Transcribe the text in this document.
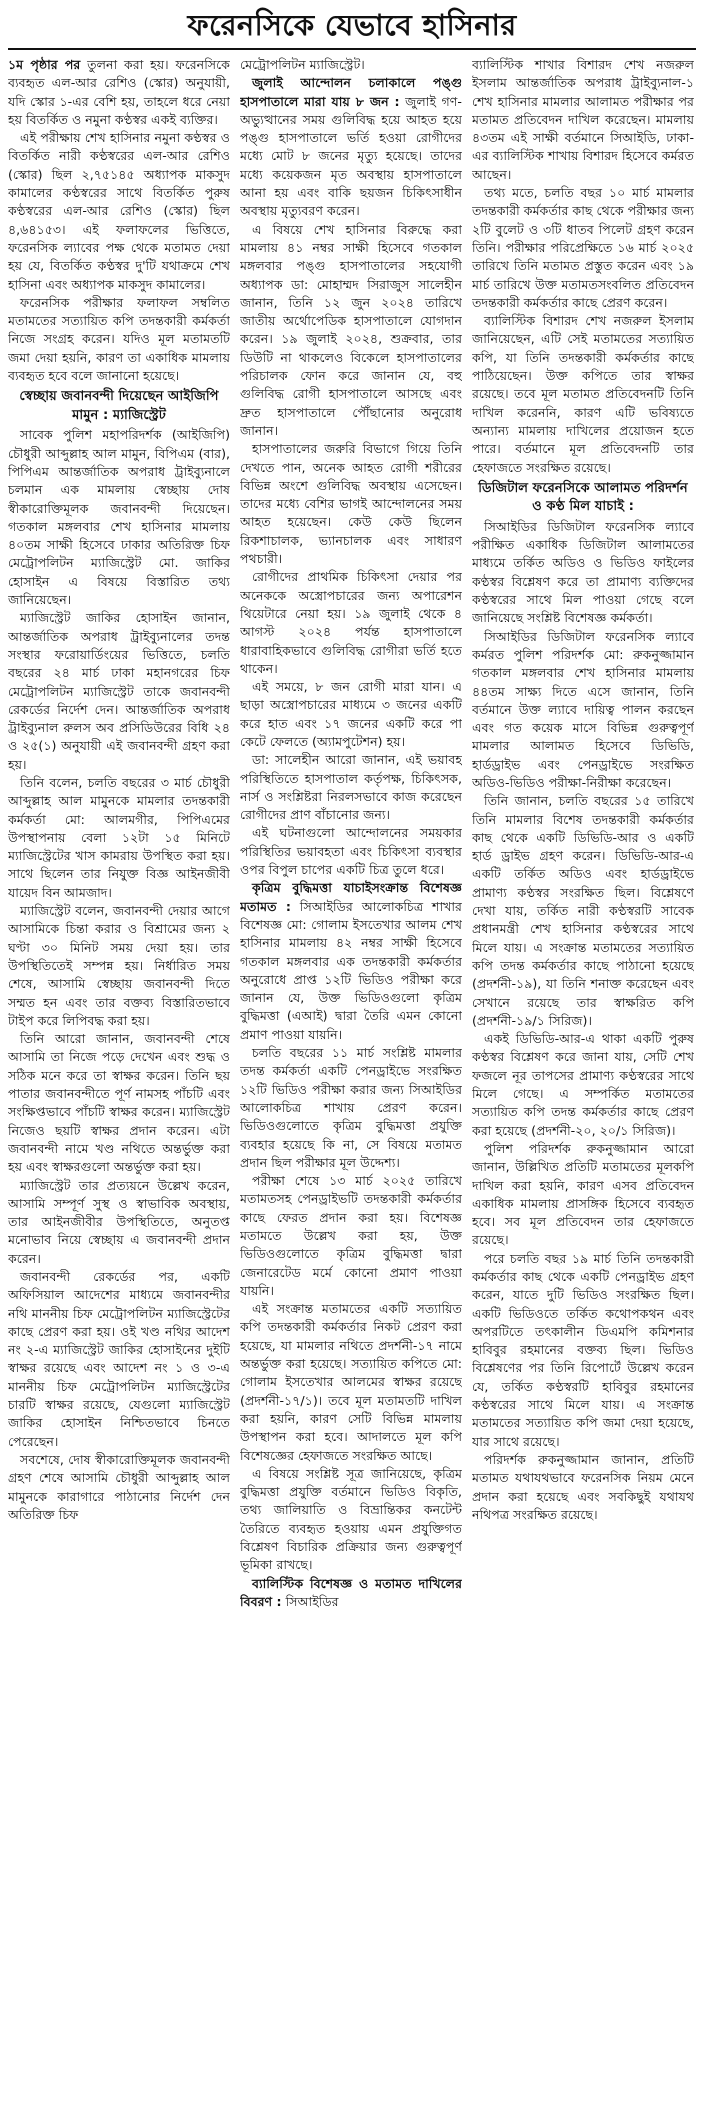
ফরেনসিকে যেভাবে হাসিনার

১ম পৃষ্ঠার পর তুলনা করা হয়। ফরেনসিকে ব্যবহৃত এল-আর রেশিও (স্কোর) অনুযায়ী, যদি স্কোর ১-এর বেশি হয়, তাহলে ধরে নেয়া হয় বিতর্কিত ও নমুনা কণ্ঠস্বর একই ব্যক্তির।

এই পরীক্ষায় শেখ হাসিনার নমুনা কণ্ঠস্বর ও বিতর্কিত নারী কণ্ঠস্বরের এল-আর রেশিও (স্কোর) ছিল ২,৭৫১৪৫ অধ্যাপক মাকসুদ কামালের কণ্ঠস্বরের সাথে বিতর্কিত পুরুষ কণ্ঠস্বরের এল-আর রেশিও (স্কোর) ছিল ৪,৬৪১৫৩। এই ফলাফলের ভিত্তিতে, ফরেনসিক ল্যাবের পক্ষ থেকে মতামত দেয়া হয় যে, বিতর্কিত কণ্ঠস্বর দু'টি যথাক্রমে শেখ হাসিনা এবং অধ্যাপক মাকসুদ কামালের।

ফরেনসিক পরীক্ষার ফলাফল সম্বলিত মতামতের সত্যায়িত কপি তদন্তকারী কর্মকর্তা নিজে সংগ্রহ করেন। যদিও মূল মতামতটি জমা দেয়া হয়নি, কারণ তা একাধিক মামলায় ব্যবহৃত হবে বলে জানানো হয়েছে।

স্বেচ্ছায় জবানবন্দী দিয়েছেন আইজিপি মামুন : ম্যাজিস্ট্রেট

সাবেক পুলিশ মহাপরিদর্শক (আইজিপি) চৌধুরী আব্দুল্লাহ আল মামুন, বিপিএম (বার), পিপিএম আন্তর্জাতিক অপরাধ ট্রাইব্যুনালে চলমান এক মামলায় স্বেচ্ছায় দোষ স্বীকারোক্তিমূলক জবানবন্দী দিয়েছেন। গতকাল মঙ্গলবার শেখ হাসিনার মামলায় ৪০তম সাক্ষী হিসেবে ঢাকার অতিরিক্ত চিফ মেট্রোপলিটন ম্যাজিস্ট্রেট মো. জাকির হোসাইন এ বিষয়ে বিস্তারিত তথ্য জানিয়েছেন।

ম্যাজিস্ট্রেট জাকির হোসাইন জানান, আন্তর্জাতিক অপরাধ ট্রাইব্যুনালের তদন্ত সংস্থার ফরোয়ার্ডিংয়ের ভিত্তিতে, চলতি বছরের ২৪ মার্চ ঢাকা মহানগরের চিফ মেট্রোপলিটন ম্যাজিস্ট্রেট তাকে জবানবন্দী রেকর্ডের নির্দেশ দেন। আন্তর্জাতিক অপরাধ ট্রাইব্যুনাল রুলস অব প্রসিডিউরের বিধি ২৪ ও ২৫(১) অনুযায়ী এই জবানবন্দী গ্রহণ করা হয়।

তিনি বলেন, চলতি বছরের ৩ মার্চ চৌধুরী আব্দুল্লাহ আল মামুনকে মামলার তদন্তকারী কর্মকর্তা মো: আলমগীর, পিপিএমের উপস্থাপনায় বেলা ১২টা ১৫ মিনিটে ম্যাজিস্ট্রেটের খাস কামরায় উপস্থিত করা হয়। সাথে ছিলেন তার নিযুক্ত বিজ্ঞ আইনজীবী যায়েদ বিন আমজাদ।

ম্যাজিস্ট্রেট বলেন, জবানবন্দী দেয়ার আগে আসামিকে চিন্তা করার ও বিশ্রামের জন্য ২ ঘণ্টা ৩০ মিনিট সময় দেয়া হয়। তার উপস্থিতিতেই সম্পন্ন হয়। নির্ধারিত সময় শেষে, আসামি স্বেচ্ছায় জবানবন্দী দিতে সম্মত হন এবং তার বক্তব্য বিস্তারিতভাবে টাইপ করে লিপিবদ্ধ করা হয়।

তিনি আরো জানান, জবানবন্দী শেষে আসামি তা নিজে পড়ে দেখেন এবং শুদ্ধ ও সঠিক মনে করে তা স্বাক্ষর করেন। তিনি ছয় পাতার জবানবন্দীতে পূর্ণ নামসহ পাঁচটি এবং সংক্ষিপ্তভাবে পাঁচটি স্বাক্ষর করেন। ম্যাজিস্ট্রেট নিজেও ছয়টি স্বাক্ষর প্রদান করেন। এটা জবানবন্দী নামে খণ্ড নথিতে অন্তর্ভুক্ত করা হয় এবং স্বাক্ষরগুলো অন্তর্ভুক্ত করা হয়।

ম্যাজিস্ট্রেট তার প্রত্যয়নে উল্লেখ করেন, আসামি সম্পূর্ণ সুস্থ ও স্বাভাবিক অবস্থায়, তার আইনজীবীর উপস্থিতিতে, অনুতপ্ত মনোভাব নিয়ে স্বেচ্ছায় এ জবানবন্দী প্রদান করেন।

জবানবন্দী রেকর্ডের পর, একটি অফিসিয়াল আদেশের মাধ্যমে জবানবন্দীর নথি মাননীয় চিফ মেট্রোপলিটন ম্যাজিস্ট্রেটের কাছে প্রেরণ করা হয়। ওই খণ্ড নথির আদেশ নং ২-এ ম্যাজিস্ট্রেট জাকির হোসাইনের দুইটি স্বাক্ষর রয়েছে এবং আদেশ নং ১ ও ৩-এ মাননীয় চিফ মেট্রোপলিটন ম্যাজিস্ট্রেটের চারটি স্বাক্ষর রয়েছে, যেগুলো ম্যাজিস্ট্রেট জাকির হোসাইন নিশ্চিতভাবে চিনতে পেরেছেন।

সবশেষে, দোষ স্বীকারোক্তিমূলক জবানবন্দী গ্রহণ শেষে আসামি চৌধুরী আব্দুল্লাহ আল মামুনকে কারাগারে পাঠানোর নির্দেশ দেন অতিরিক্ত চিফ

মেট্রোপলিটন ম্যাজিস্ট্রেট।

জুলাই আন্দোলন চলাকালে পঙ্গু হাসপাতালে মারা যায় ৮ জন : জুলাই গণ-অভ্যুত্থানের সময় গুলিবিদ্ধ হয়ে আহত হয়ে পঙ্গু হাসপাতালে ভর্তি হওয়া রোগীদের মধ্যে মোট ৮ জনের মৃত্যু হয়েছে। তাদের মধ্যে কয়েকজন মৃত অবস্থায় হাসপাতালে আনা হয় এবং বাকি ছয়জন চিকিৎসাধীন অবস্থায় মৃত্যুবরণ করেন।

এ বিষয়ে শেখ হাসিনার বিরুদ্ধে করা মামলায় ৪১ নম্বর সাক্ষী হিসেবে গতকাল মঙ্গলবার পঙ্গু হাসপাতালের সহযোগী অধ্যাপক ডা: মোহাম্মদ সিরাজুস সালেহীন জানান, তিনি ১২ জুন ২০২৪ তারিখে জাতীয় অর্থোপেডিক হাসপাতালে যোগদান করেন। ১৯ জুলাই ২০২৪, শুক্রবার, তার ডিউটি না থাকলেও বিকেলে হাসপাতালের পরিচালক ফোন করে জানান যে, বহু গুলিবিদ্ধ রোগী হাসপাতালে আসছে এবং দ্রুত হাসপাতালে পৌঁছানোর অনুরোধ জানান।

হাসপাতালের জরুরি বিভাগে গিয়ে তিনি দেখতে পান, অনেক আহত রোগী শরীরের বিভিন্ন অংশে গুলিবিদ্ধ অবস্থায় এসেছেন। তাদের মধ্যে বেশির ভাগই আন্দোলনের সময় আহত হয়েছেন। কেউ কেউ ছিলেন রিকশাচালক, ভ্যানচালক এবং সাধারণ পথচারী।

রোগীদের প্রাথমিক চিকিৎসা দেয়ার পর অনেককে অস্ত্রোপচারের জন্য অপারেশন থিয়েটারে নেয়া হয়। ১৯ জুলাই থেকে ৪ আগস্ট ২০২৪ পর্যন্ত হাসপাতালে ধারাবাহিকভাবে গুলিবিদ্ধ রোগীরা ভর্তি হতে থাকেন।

এই সময়ে, ৮ জন রোগী মারা যান। এ ছাড়া অস্ত্রোপচারের মাধ্যমে ৩ জনের একটি করে হাত এবং ১৭ জনের একটি করে পা কেটে ফেলতে (অ্যামপুটেশন) হয়।

ডা: সালেহীন আরো জানান, এই ভয়াবহ পরিস্থিতিতে হাসপাতাল কর্তৃপক্ষ, চিকিৎসক, নার্স ও সংশ্লিষ্টরা নিরলসভাবে কাজ করেছেন রোগীদের প্রাণ বাঁচানোর জন্য।

এই ঘটনাগুলো আন্দোলনের সময়কার পরিস্থিতির ভয়াবহতা এবং চিকিৎসা ব্যবস্থার ওপর বিপুল চাপের একটি চিত্র তুলে ধরে।

কৃত্রিম বুদ্ধিমত্তা যাচাইসংক্রান্ত বিশেষজ্ঞ মতামত : সিআইডির আলোকচিত্র শাখার বিশেষজ্ঞ মো: গোলাম ইসতেখার আলম শেখ হাসিনার মামলায় ৪২ নম্বর সাক্ষী হিসেবে গতকাল মঙ্গলবার এক তদন্তকারী কর্মকর্তার অনুরোধে প্রাপ্ত ১২টি ভিডিও পরীক্ষা করে জানান যে, উক্ত ভিডিওগুলো কৃত্রিম বুদ্ধিমত্তা (এআই) দ্বারা তৈরি এমন কোনো প্রমাণ পাওয়া যায়নি।

চলতি বছরের ১১ মার্চ সংশ্লিষ্ট মামলার তদন্ত কর্মকর্তা একটি পেনড্রাইভে সংরক্ষিত ১২টি ভিডিও পরীক্ষা করার জন্য সিআইডির আলোকচিত্র শাখায় প্রেরণ করেন। ভিডিওগুলোতে কৃত্রিম বুদ্ধিমত্তা প্রযুক্তি ব্যবহার হয়েছে কি না, সে বিষয়ে মতামত প্রদান ছিল পরীক্ষার মূল উদ্দেশ্য।

পরীক্ষা শেষে ১৩ মার্চ ২০২৫ তারিখে মতামতসহ পেনড্রাইভটি তদন্তকারী কর্মকর্তার কাছে ফেরত প্রদান করা হয়। বিশেষজ্ঞ মতামতে উল্লেখ করা হয়, উক্ত ভিডিওগুলোতে কৃত্রিম বুদ্ধিমত্তা দ্বারা জেনারেটেড মর্মে কোনো প্রমাণ পাওয়া যায়নি।

এই সংক্রান্ত মতামতের একটি সত্যায়িত কপি তদন্তকারী কর্মকর্তার নিকট প্রেরণ করা হয়েছে, যা মামলার নথিতে প্রদর্শনী-১৭ নামে অন্তর্ভুক্ত করা হয়েছে। সত্যায়িত কপিতে মো: গোলাম ইসতেখার আলমের স্বাক্ষর রয়েছে (প্রদর্শনী-১৭/১)। তবে মূল মতামতটি দাখিল করা হয়নি, কারণ সেটি বিভিন্ন মামলায় উপস্থাপন করা হবে। আদালতে মূল কপি বিশেষজ্ঞের হেফাজতে সংরক্ষিত আছে।

এ বিষয়ে সংশ্লিষ্ট সূত্র জানিয়েছে, কৃত্রিম বুদ্ধিমত্তা প্রযুক্তি বর্তমানে ভিডিও বিকৃতি, তথ্য জালিয়াতি ও বিভ্রান্তিকর কনটেন্ট তৈরিতে ব্যবহৃত হওয়ায় এমন প্রযুক্তিগত বিশ্লেষণ বিচারিক প্রক্রিয়ার জন্য গুরুত্বপূর্ণ ভূমিকা রাখছে।

ব্যালিস্টিক বিশেষজ্ঞ ও মতামত দাখিলের বিবরণ : সিআইডির

ব্যালিস্টিক শাখার বিশারদ শেখ নজরুল ইসলাম আন্তর্জাতিক অপরাধ ট্রাইব্যুনাল-১ শেখ হাসিনার মামলার আলামত পরীক্ষার পর মতামত প্রতিবেদন দাখিল করেছেন। মামলায় ৪৩তম এই সাক্ষী বর্তমানে সিআইডি, ঢাকা-এর ব্যালিস্টিক শাখায় বিশারদ হিসেবে কর্মরত আছেন।

তথ্য মতে, চলতি বছর ১০ মার্চ মামলার তদন্তকারী কর্মকর্তার কাছ থেকে পরীক্ষার জন্য ২টি বুলেট ও ৩টি ধাতব পিলেট গ্রহণ করেন তিনি। পরীক্ষার পরিপ্রেক্ষিতে ১৬ মার্চ ২০২৫ তারিখে তিনি মতামত প্রস্তুত করেন এবং ১৯ মার্চ তারিখে উক্ত মতামতসংবলিত প্রতিবেদন তদন্তকারী কর্মকর্তার কাছে প্রেরণ করেন।

ব্যালিস্টিক বিশারদ শেখ নজরুল ইসলাম জানিয়েছেন, এটি সেই মতামতের সত্যায়িত কপি, যা তিনি তদন্তকারী কর্মকর্তার কাছে পাঠিয়েছেন। উক্ত কপিতে তার স্বাক্ষর রয়েছে। তবে মূল মতামত প্রতিবেদনটি তিনি দাখিল করেননি, কারণ এটি ভবিষ্যতে অন্যান্য মামলায় দাখিলের প্রয়োজন হতে পারে। বর্তমানে মূল প্রতিবেদনটি তার হেফাজতে সংরক্ষিত রয়েছে।

ডিজিটাল ফরেনসিকে আলামত পরিদর্শন ও কণ্ঠ মিল যাচাই :

সিআইডির ডিজিটাল ফরেনসিক ল্যাবে পরীক্ষিত একাধিক ডিজিটাল আলামতের মাধ্যমে তর্কিত অডিও ও ভিডিও ফাইলের কণ্ঠস্বর বিশ্লেষণ করে তা প্রামাণ্য ব্যক্তিদের কণ্ঠস্বরের সাথে মিল পাওয়া গেছে বলে জানিয়েছে সংশ্লিষ্ট বিশেষজ্ঞ কর্মকর্তা।

সিআইডির ডিজিটাল ফরেনসিক ল্যাবে কর্মরত পুলিশ পরিদর্শক মো: রুকনুজ্জামান গতকাল মঙ্গলবার শেখ হাসিনার মামলায় ৪৪তম সাক্ষ্য দিতে এসে জানান, তিনি বর্তমানে উক্ত ল্যাবে দায়িত্ব পালন করছেন এবং গত কয়েক মাসে বিভিন্ন গুরুত্বপূর্ণ মামলার আলামত হিসেবে ডিভিডি, হার্ডড্রাইভ এবং পেনড্রাইভে সংরক্ষিত অডিও-ভিডিও পরীক্ষা-নিরীক্ষা করেছেন।

তিনি জানান, চলতি বছরের ১৫ তারিখে তিনি মামলার বিশেষ তদন্তকারী কর্মকর্তার কাছ থেকে একটি ডিভিডি-আর ও একটি হার্ড ড্রাইভ গ্রহণ করেন। ডিভিডি-আর-এ একটি তর্কিত অডিও এবং হার্ডড্রাইভে প্রামাণ্য কণ্ঠস্বর সংরক্ষিত ছিল। বিশ্লেষণে দেখা যায়, তর্কিত নারী কণ্ঠস্বরটি সাবেক প্রধানমন্ত্রী শেখ হাসিনার কণ্ঠস্বরের সাথে মিলে যায়। এ সংক্রান্ত মতামতের সত্যায়িত কপি তদন্ত কর্মকর্তার কাছে পাঠানো হয়েছে (প্রদর্শনী-১৯), যা তিনি শনাক্ত করেছেন এবং সেখানে রয়েছে তার স্বাক্ষরিত কপি (প্রদর্শনী-১৯/১ সিরিজ)।

একই ডিভিডি-আর-এ থাকা একটি পুরুষ কণ্ঠস্বর বিশ্লেষণ করে জানা যায়, সেটি শেখ ফজলে নূর তাপসের প্রামাণ্য কণ্ঠস্বরের সাথে মিলে গেছে। এ সম্পর্কিত মতামতের সত্যায়িত কপি তদন্ত কর্মকর্তার কাছে প্রেরণ করা হয়েছে (প্রদর্শনী-২০, ২০/১ সিরিজ)।

পুলিশ পরিদর্শক রুকনুজ্জামান আরো জানান, উল্লিখিত প্রতিটি মতামতের মূলকপি দাখিল করা হয়নি, কারণ এসব প্রতিবেদন একাধিক মামলায় প্রাসঙ্গিক হিসেবে ব্যবহৃত হবে। সব মূল প্রতিবেদন তার হেফাজতে রয়েছে।

পরে চলতি বছর ১৯ মার্চ তিনি তদন্তকারী কর্মকর্তার কাছ থেকে একটি পেনড্রাইভ গ্রহণ করেন, যাতে দুটি ভিডিও সংরক্ষিত ছিল। একটি ভিডিওতে তর্কিত কথোপকথন এবং অপরটিতে তৎকালীন ডিএমপি কমিশনার হাবিবুর রহমানের বক্তব্য ছিল। ভিডিও বিশ্লেষণের পর তিনি রিপোর্টে উল্লেখ করেন যে, তর্কিত কণ্ঠস্বরটি হাবিবুর রহমানের কণ্ঠস্বরের সাথে মিলে যায়। এ সংক্রান্ত মতামতের সত্যায়িত কপি জমা দেয়া হয়েছে, যার সাথে রয়েছে।

পরিদর্শক রুকনুজ্জামান জানান, প্রতিটি মতামত যথাযথভাবে ফরেনসিক নিয়ম মেনে প্রদান করা হয়েছে এবং সবকিছুই যথাযথ নথিপত্র সংরক্ষিত রয়েছে।
